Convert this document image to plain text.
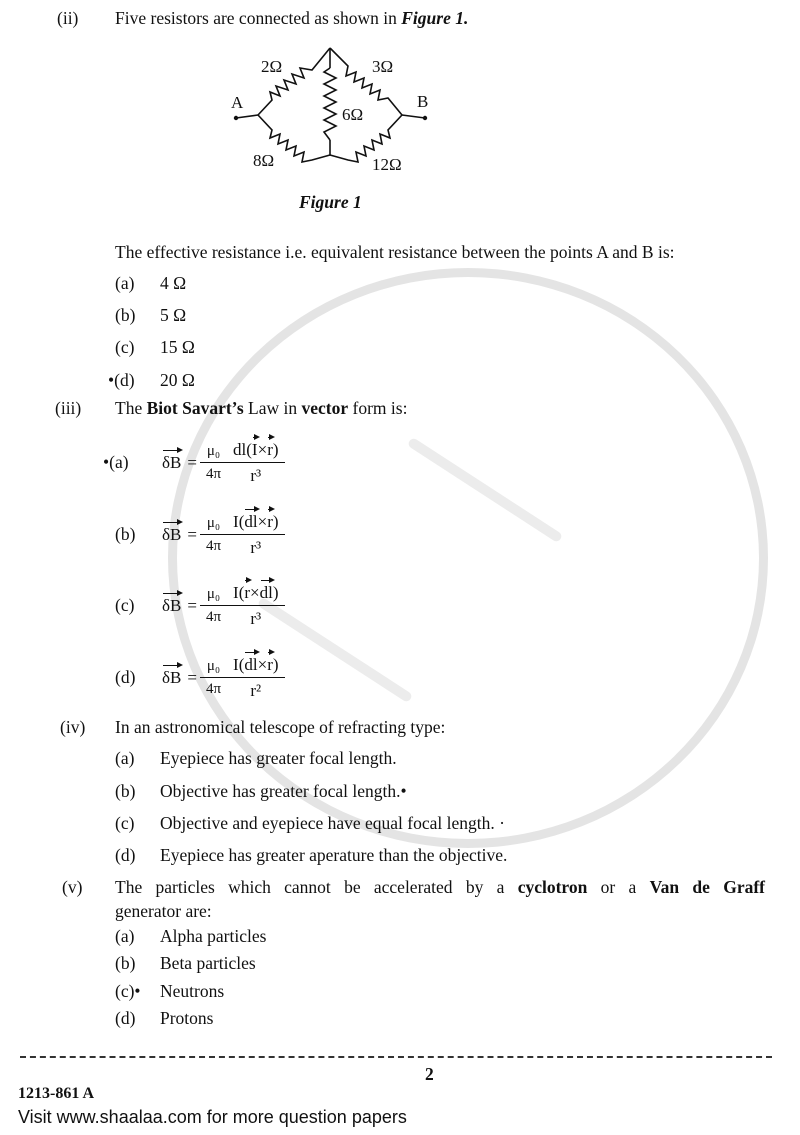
(ii) Five resistors are connected as shown in Figure 1.
A	B
2Ω	3Ω
6Ω
8Ω	12Ω
Figure 1
The effective resistance i.e. equivalent resistance between the points A and B is:
(a) 4 Ω
(b) 5 Ω
(c) 15 Ω
•(d) 20 Ω
(iii) The Biot Savart’s Law in vector form is:
•(a) $\delta B = \frac{\text{μ₀}}{4\pi} \frac{dl(I\times r)}{\text{r³}}$
(b) $\delta B = \frac{\text{μ₀}}{4\pi} \frac{I(dl\times r)}{\text{r³}}$
(c) $\delta B = \frac{\text{μ₀}}{4\pi} \frac{I(r\times dl)}{\text{r³}}$
(d) $\delta B = \frac{\text{μ₀}}{4\pi} \frac{I(dl\times r)}{\text{r²}}$
(iv) In an astronomical telescope of refracting type:
(a) Eyepiece has greater focal length.
(b) Objective has greater focal length.•
(c) Objective and eyepiece have equal focal length. ·
(d) Eyepiece has greater aperature than the objective.
(v) The particles which cannot be accelerated by a cyclotron or a Van de Graff
generator are:
(a) Alpha particles
(b) Beta particles
(c)• Neutrons
(d) Protons
2
1213-861 A
Visit www.shaalaa.com for more question papers
